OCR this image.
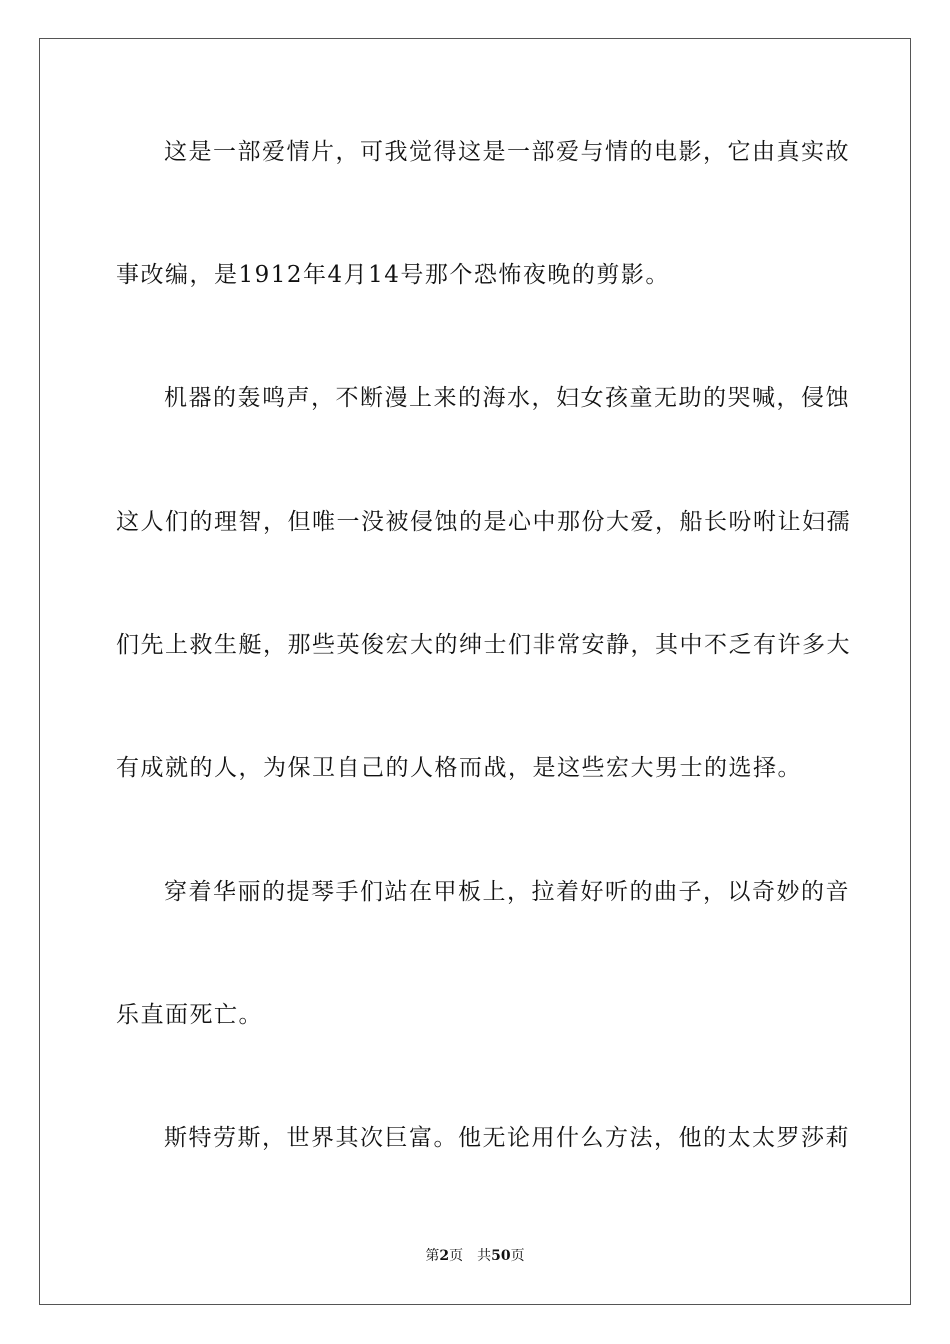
这是一部爱情片，可我觉得这是一部爱与情的电影，它由真实故
事改编，是1912年4月14号那个恐怖夜晚的剪影。
机器的轰鸣声，不断漫上来的海水，妇女孩童无助的哭喊，侵蚀
这人们的理智，但唯一没被侵蚀的是心中那份大爱，船长吩咐让妇孺
们先上救生艇，那些英俊宏大的绅士们非常安静，其中不乏有许多大
有成就的人，为保卫自己的人格而战，是这些宏大男士的选择。
穿着华丽的提琴手们站在甲板上，拉着好听的曲子，以奇妙的音
乐直面死亡。
斯特劳斯，世界其次巨富。他无论用什么方法，他的太太罗莎莉
第2页 共50页
